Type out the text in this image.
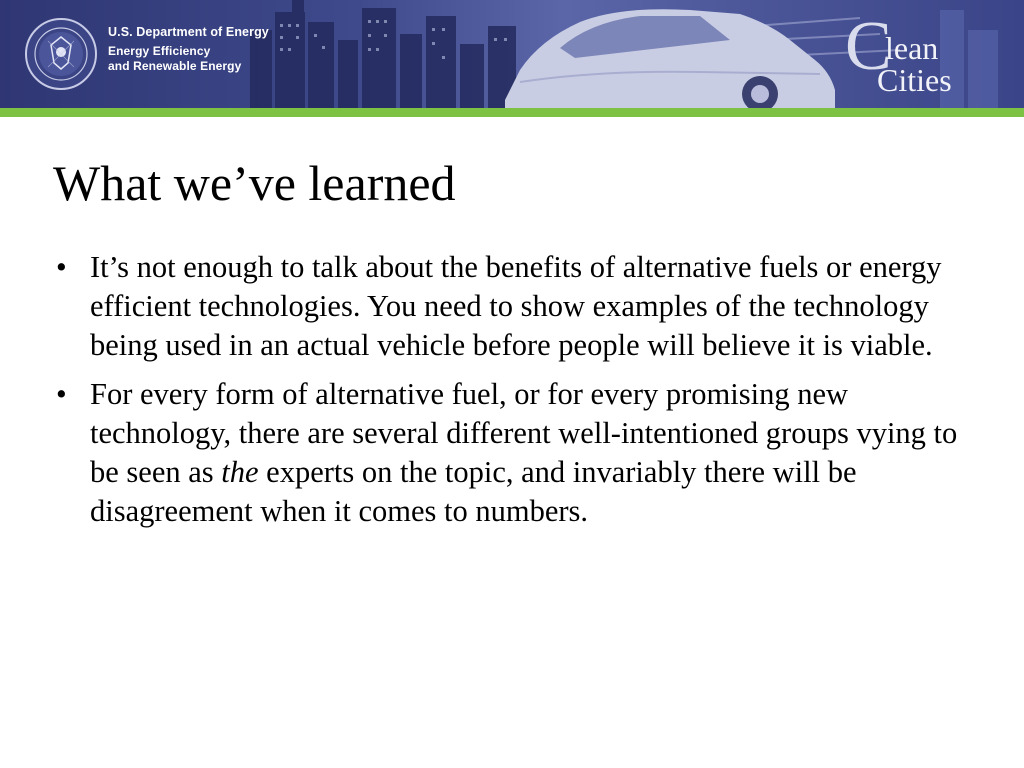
U.S. Department of Energy
Energy Efficiency
and Renewable Energy	C
lean
Cities
What we’ve learned
• It’s not enough to talk about the benefits of alternative fuels or energy efficient technologies. You need to show examples of the technology being used in an actual vehicle before people will believe it is viable.
• For every form of alternative fuel, or for every promising new technology, there are several different well-intentioned groups vying to be seen as the experts on the topic, and invariably there will be disagreement when it comes to numbers.
